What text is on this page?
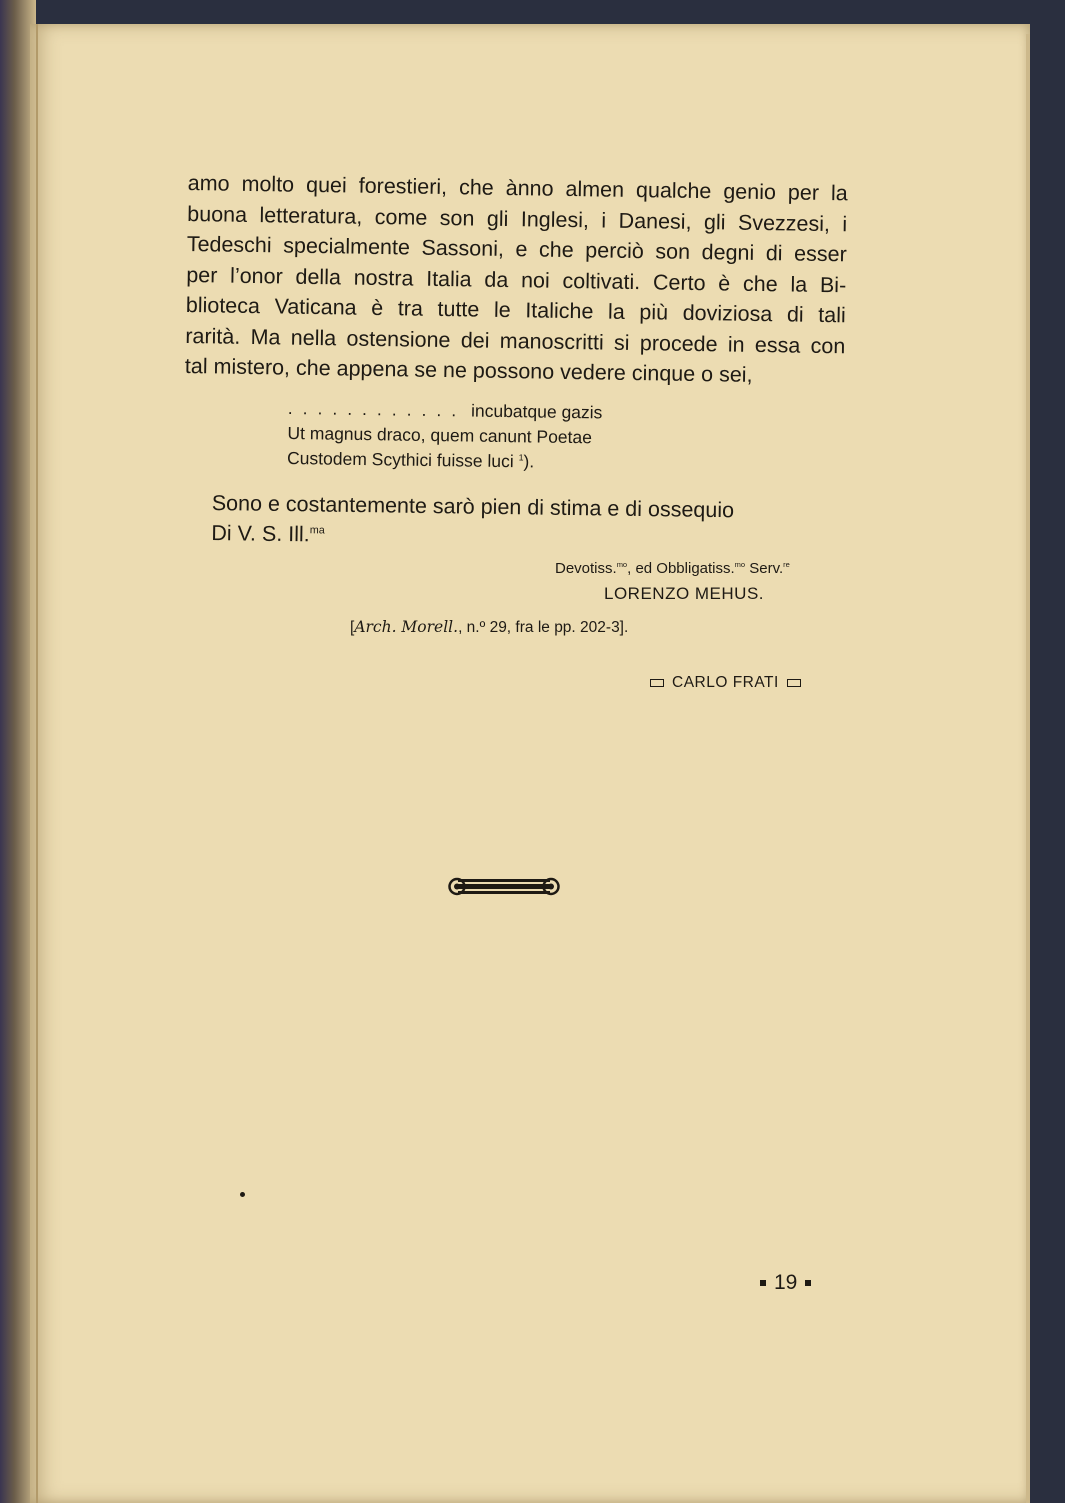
amo molto quei forestieri, che ànno almen qualche genio per la
buona letteratura, come son gli Inglesi, i Danesi, gli Svezzesi, i
Tedeschi specialmente Sassoni, e che perciò son degni di esser
per l’onor della nostra Italia da noi coltivati. Certo è che la Bi-
blioteca Vaticana è tra tutte le Italiche la più doviziosa di tali
rarità. Ma nella ostensione dei manoscritti si procede in essa con
tal mistero, che appena se ne possono vedere cinque o sei,
............ incubatque gazis
Ut magnus draco, quem canunt Poetae
Custodem Scythici fuisse luci $^1$).
Sono e costantemente sarò pien di stima e di ossequio
Di V. S. Ill.$^{ma}$
Devotiss.$^{mo}$, ed Obbligatiss.$^{mo}$ Serv.$^{re}$
LORENZO MEHUS.
[Arch. Morell., n.º 29, fra le pp. 202-3].
CARLO FRATI
19
